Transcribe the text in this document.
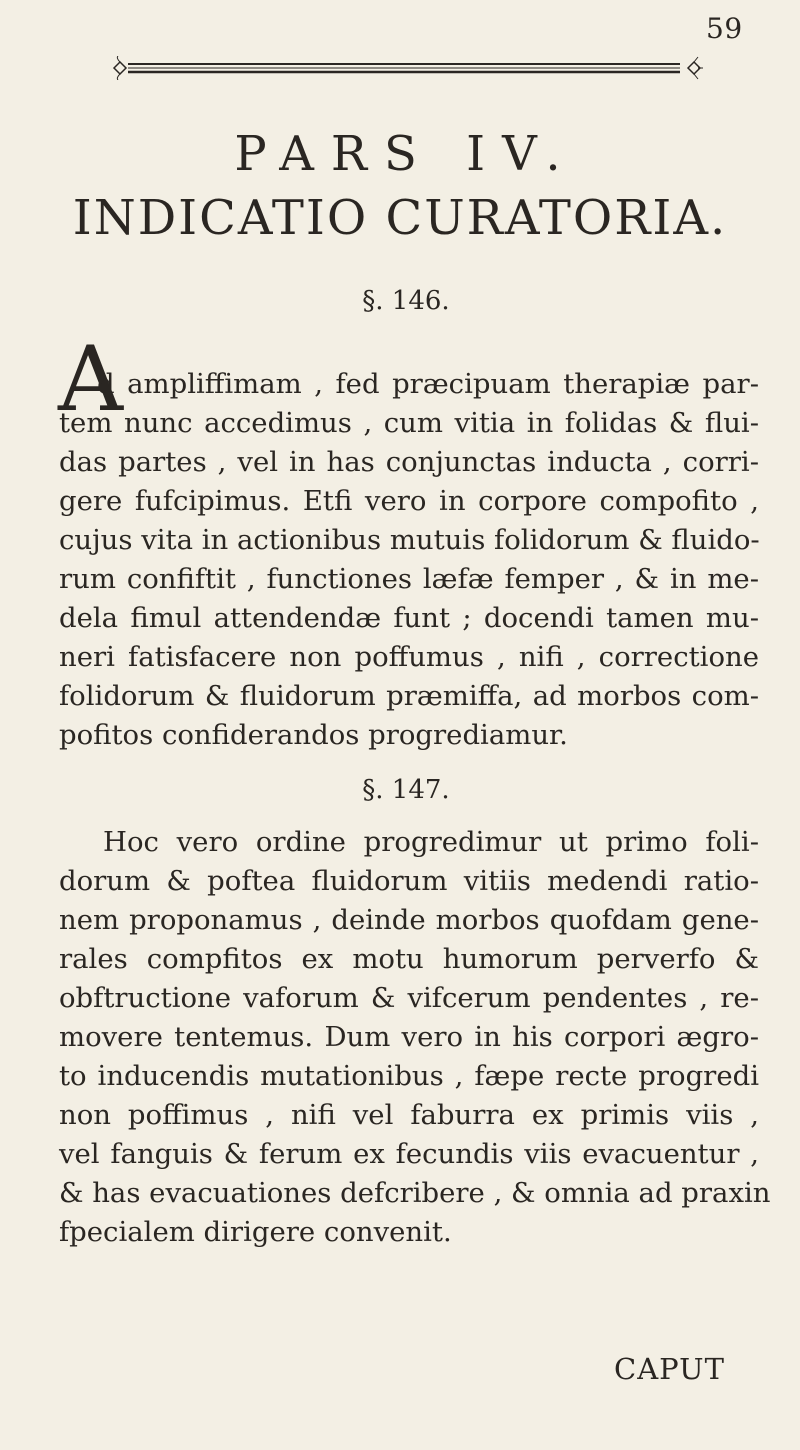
59
PARS IV.
INDICATIO CURATORIA.
§. 146.
A
d ampliffimam , fed præcipuam therapiæ par-
tem nunc accedimus , cum vitia in folidas & flui-
das partes , vel in has conjunctas inducta , corri-
gere fufcipimus. Etfi vero in corpore compofito ,
cujus vita in actionibus mutuis folidorum & fluido-
rum confiftit , functiones læfæ femper , & in me-
dela fimul attendendæ funt ; docendi tamen mu-
neri fatisfacere non poffumus , nifi , correctione
folidorum & fluidorum præmiffa, ad morbos com-
pofitos confiderandos progrediamur.
§. 147.
Hoc vero ordine progredimur ut primo foli-
dorum & poftea fluidorum vitiis medendi ratio-
nem proponamus , deinde morbos quofdam gene-
rales compfitos ex motu humorum perverfo &
obftructione vaforum & vifcerum pendentes , re-
movere tentemus. Dum vero in his corpori ægro-
to inducendis mutationibus , fæpe recte progredi
non poffimus , nifi vel faburra ex primis viis ,
vel fanguis & ferum ex fecundis viis evacuentur ,
& has evacuationes defcribere , & omnia ad praxin
fpecialem dirigere convenit.
CAPUT
